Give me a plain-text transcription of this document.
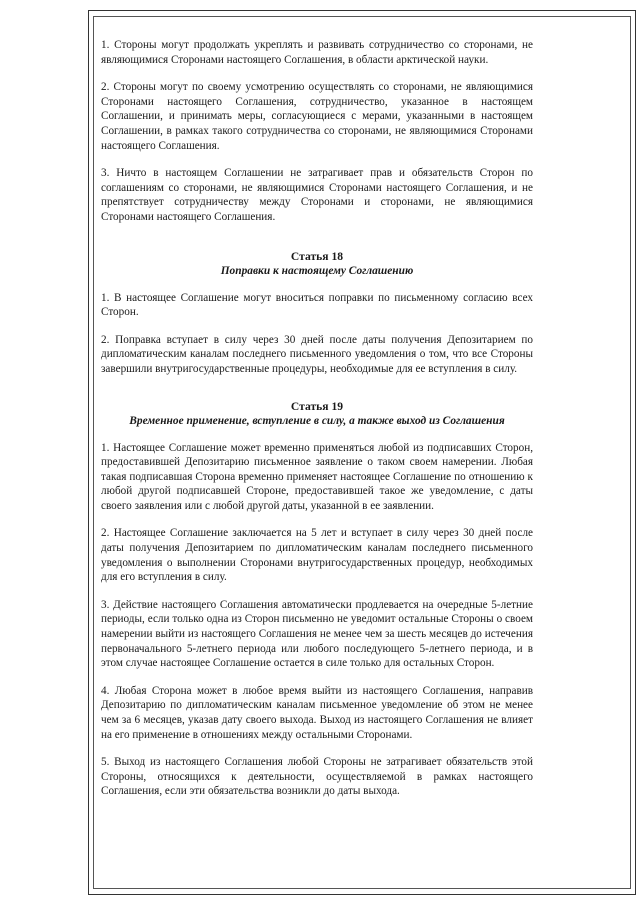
1. Стороны могут продолжать укреплять и развивать сотрудничество со сторонами, не являющимися Сторонами настоящего Соглашения, в области арктической науки.

2. Стороны могут по своему усмотрению осуществлять со сторонами, не являющимися Сторонами настоящего Соглашения, сотрудничество, указанное в настоящем Соглашении, и принимать меры, согласующиеся с мерами, указанными в настоящем Соглашении, в рамках такого сотрудничества со сторонами, не являющимися Сторонами настоящего Соглашения.

3. Ничто в настоящем Соглашении не затрагивает прав и обязательств Сторон по соглашениям со сторонами, не являющимися Сторонами настоящего Соглашения, и не препятствует сотрудничеству между Сторонами и сторонами, не являющимися Сторонами настоящего Соглашения.

Статья 18
Поправки к настоящему Соглашению

1. В настоящее Соглашение могут вноситься поправки по письменному согласию всех Сторон.

2. Поправка вступает в силу через 30 дней после даты получения Депозитарием по дипломатическим каналам последнего письменного уведомления о том, что все Стороны завершили внутригосударственные процедуры, необходимые для ее вступления в силу.

Статья 19
Временное применение, вступление в силу, а также выход из Соглашения

1. Настоящее Соглашение может временно применяться любой из подписавших Сторон, предоставившей Депозитарию письменное заявление о таком своем намерении. Любая такая подписавшая Сторона временно применяет настоящее Соглашение по отношению к любой другой подписавшей Стороне, предоставившей такое же уведомление, с даты своего заявления или с любой другой даты, указанной в ее заявлении.

2. Настоящее Соглашение заключается на 5 лет и вступает в силу через 30 дней после даты получения Депозитарием по дипломатическим каналам последнего письменного уведомления о выполнении Сторонами внутригосударственных процедур, необходимых для его вступления в силу.

3. Действие настоящего Соглашения автоматически продлевается на очередные 5-летние периоды, если только одна из Сторон письменно не уведомит остальные Стороны о своем намерении выйти из настоящего Соглашения не менее чем за шесть месяцев до истечения первоначального 5-летнего периода или любого последующего 5-летнего периода, и в этом случае настоящее Соглашение остается в силе только для остальных Сторон.

4. Любая Сторона может в любое время выйти из настоящего Соглашения, направив Депозитарию по дипломатическим каналам письменное уведомление об этом не менее чем за 6 месяцев, указав дату своего выхода. Выход из настоящего Соглашения не влияет на его применение в отношениях между остальными Сторонами.

5. Выход из настоящего Соглашения любой Стороны не затрагивает обязательств этой Стороны, относящихся к деятельности, осуществляемой в рамках настоящего Соглашения, если эти обязательства возникли до даты выхода.
